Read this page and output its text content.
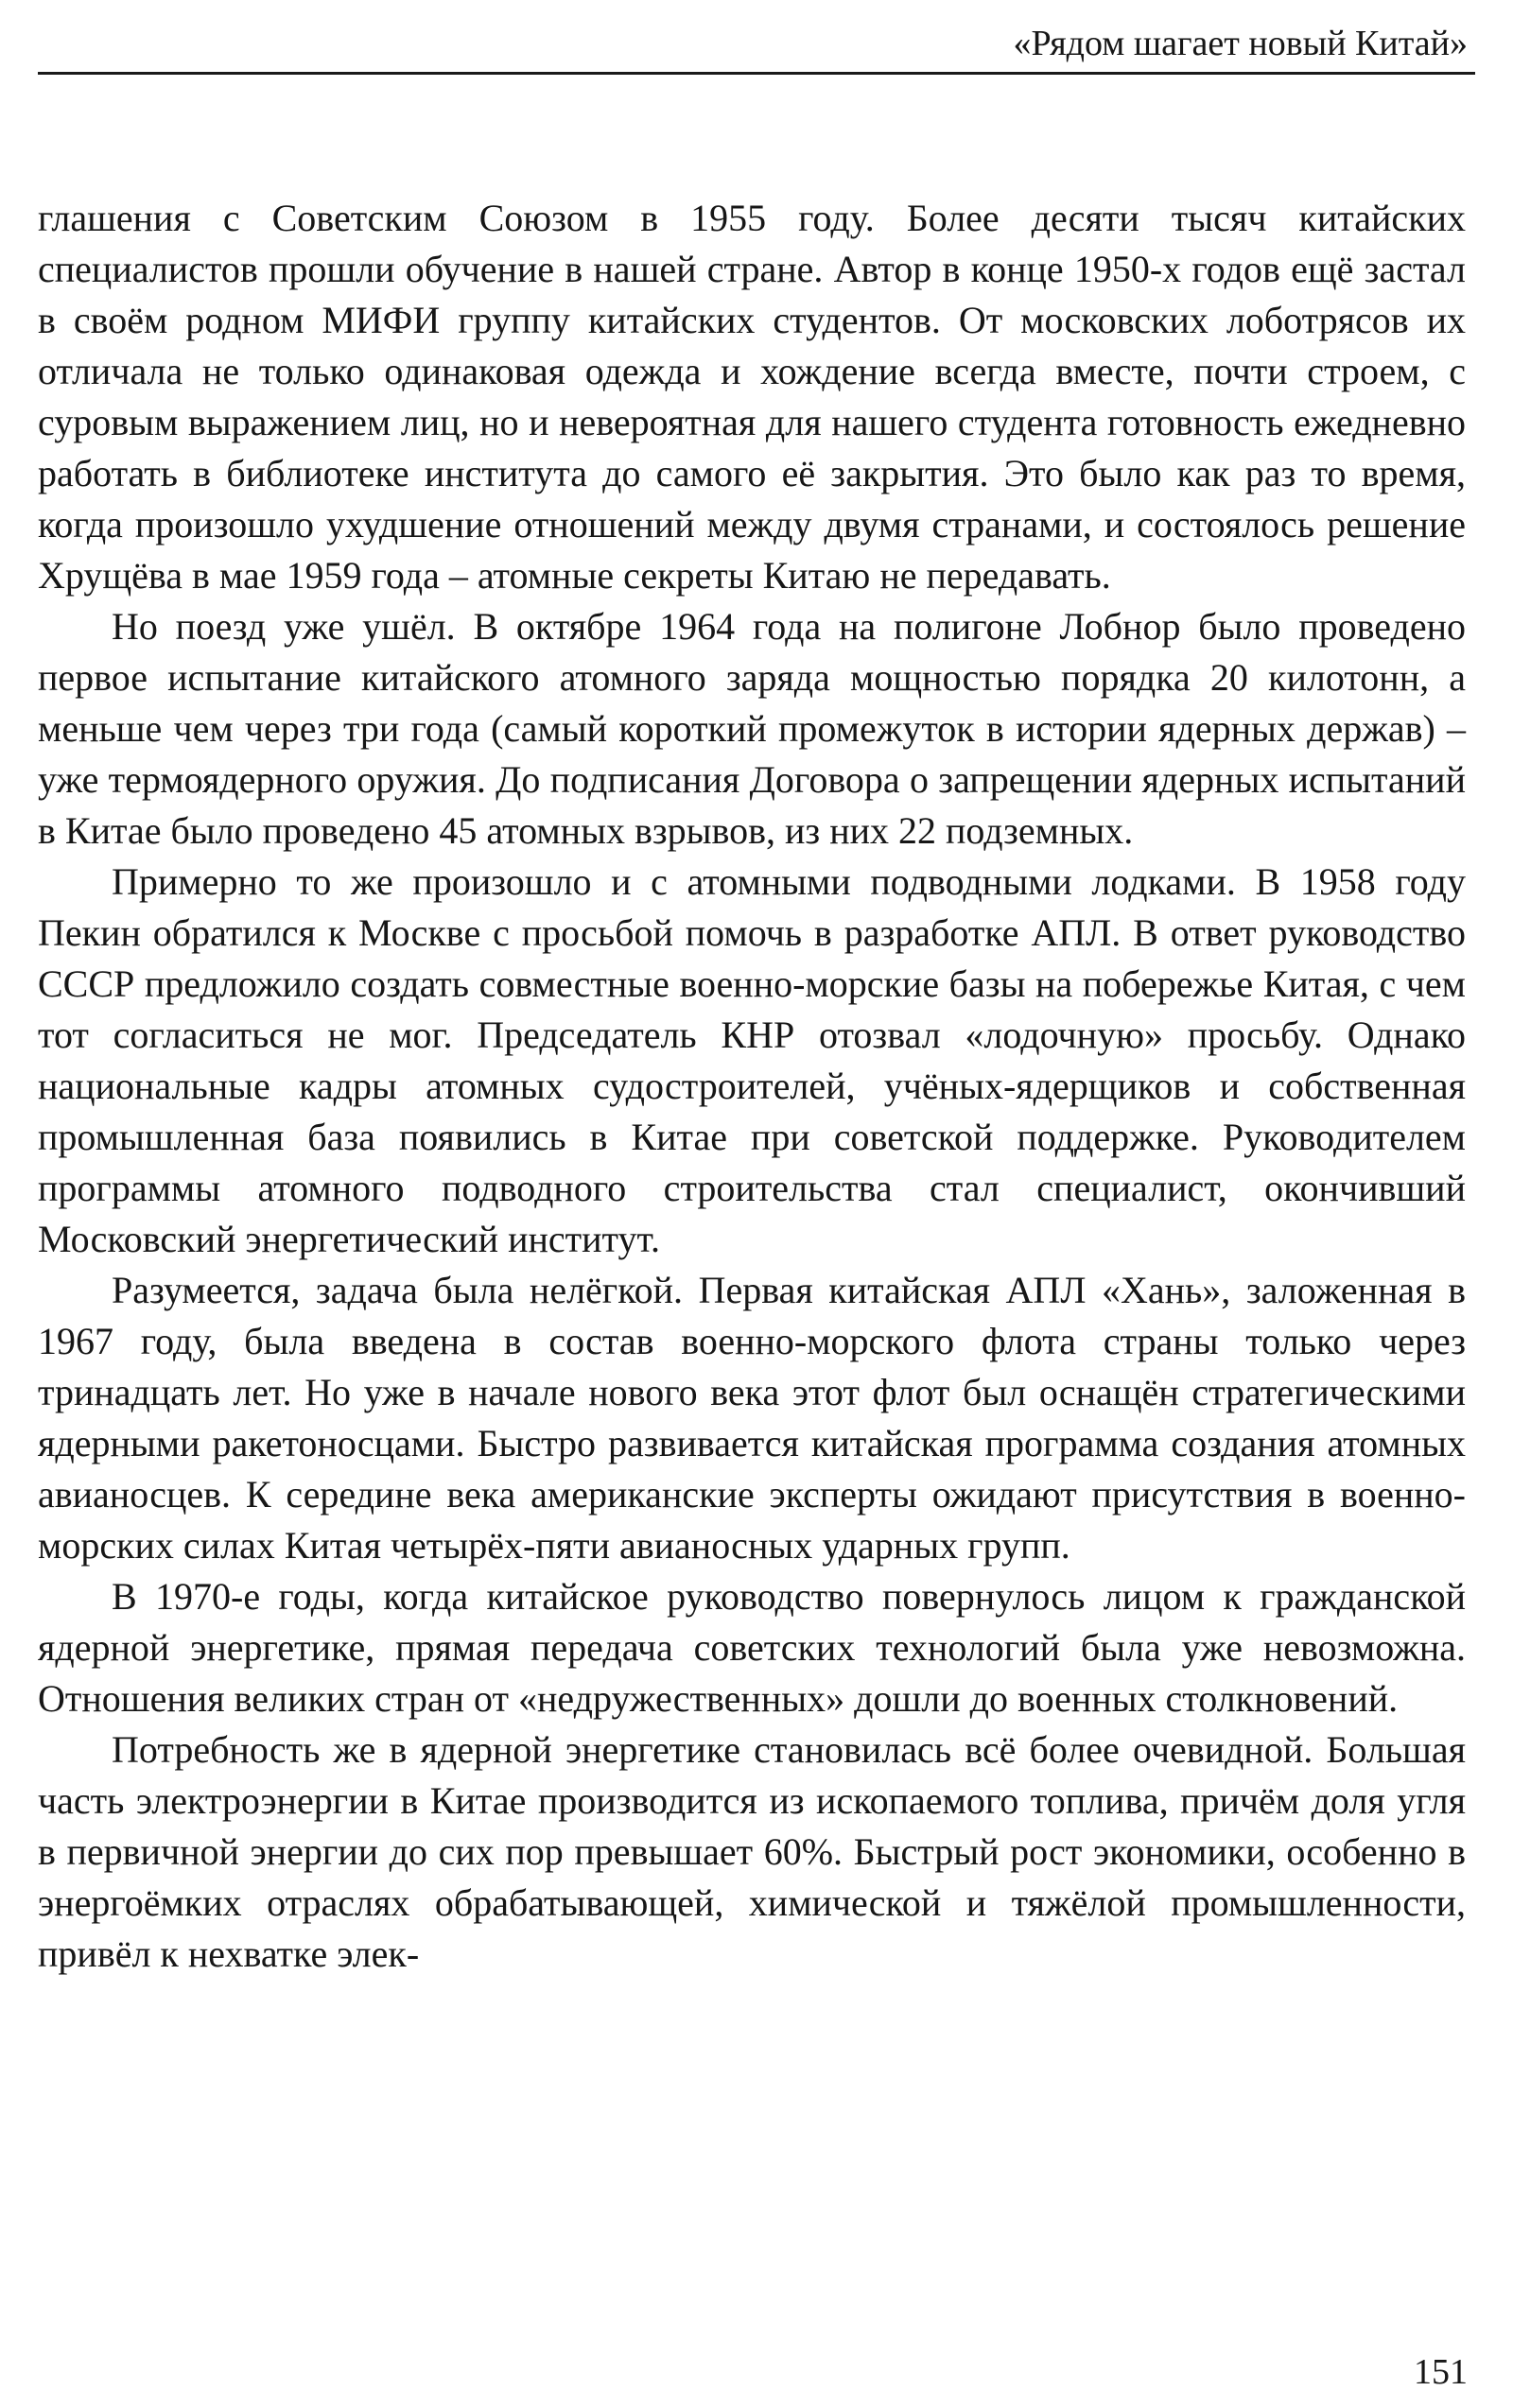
«Рядом шагает новый Китай»

глашения с Советским Союзом в 1955 году. Более десяти тысяч китайских специалистов прошли обучение в нашей стране. Автор в конце 1950-х годов ещё застал в своём родном МИФИ группу китайских студентов. От московских лоботрясов их отличала не только одинаковая одежда и хождение всегда вместе, почти строем, с суровым выражением лиц, но и невероятная для нашего студента готовность ежедневно работать в библиотеке института до самого её закрытия. Это было как раз то время, когда произошло ухудшение отношений между двумя странами, и состоялось решение Хрущёва в мае 1959 года – атомные секреты Китаю не передавать.

Но поезд уже ушёл. В октябре 1964 года на полигоне Лобнор было проведено первое испытание китайского атомного заряда мощностью порядка 20 килотонн, а меньше чем через три года (самый короткий промежуток в истории ядерных держав) – уже термоядерного оружия. До подписания Договора о запрещении ядерных испытаний в Китае было проведено 45 атомных взрывов, из них 22 подземных.

Примерно то же произошло и с атомными подводными лодками. В 1958 году Пекин обратился к Москве с просьбой помочь в разработке АПЛ. В ответ руководство СССР предложило создать совместные военно-морские базы на побережье Китая, с чем тот согласиться не мог. Председатель КНР отозвал «лодочную» просьбу. Однако национальные кадры атомных судостроителей, учёных-ядерщиков и собственная промышленная база появились в Китае при советской поддержке. Руководителем программы атомного подводного строительства стал специалист, окончивший Московский энергетический институт.

Разумеется, задача была нелёгкой. Первая китайская АПЛ «Хань», заложенная в 1967 году, была введена в состав военно-морского флота страны только через тринадцать лет. Но уже в начале нового века этот флот был оснащён стратегическими ядерными ракетоносцами. Быстро развивается китайская программа создания атомных авианосцев. К середине века американские эксперты ожидают присутствия в военно-морских силах Китая четырёх-пяти авианосных ударных групп.

В 1970-е годы, когда китайское руководство повернулось лицом к гражданской ядерной энергетике, прямая передача советских технологий была уже невозможна. Отношения великих стран от «недружественных» дошли до военных столкновений.

Потребность же в ядерной энергетике становилась всё более очевидной. Большая часть электроэнергии в Китае производится из ископаемого топлива, причём доля угля в первичной энергии до сих пор превышает 60%. Быстрый рост экономики, особенно в энергоёмких отраслях обрабатывающей, химической и тяжёлой промышленности, привёл к нехватке элек-

151
